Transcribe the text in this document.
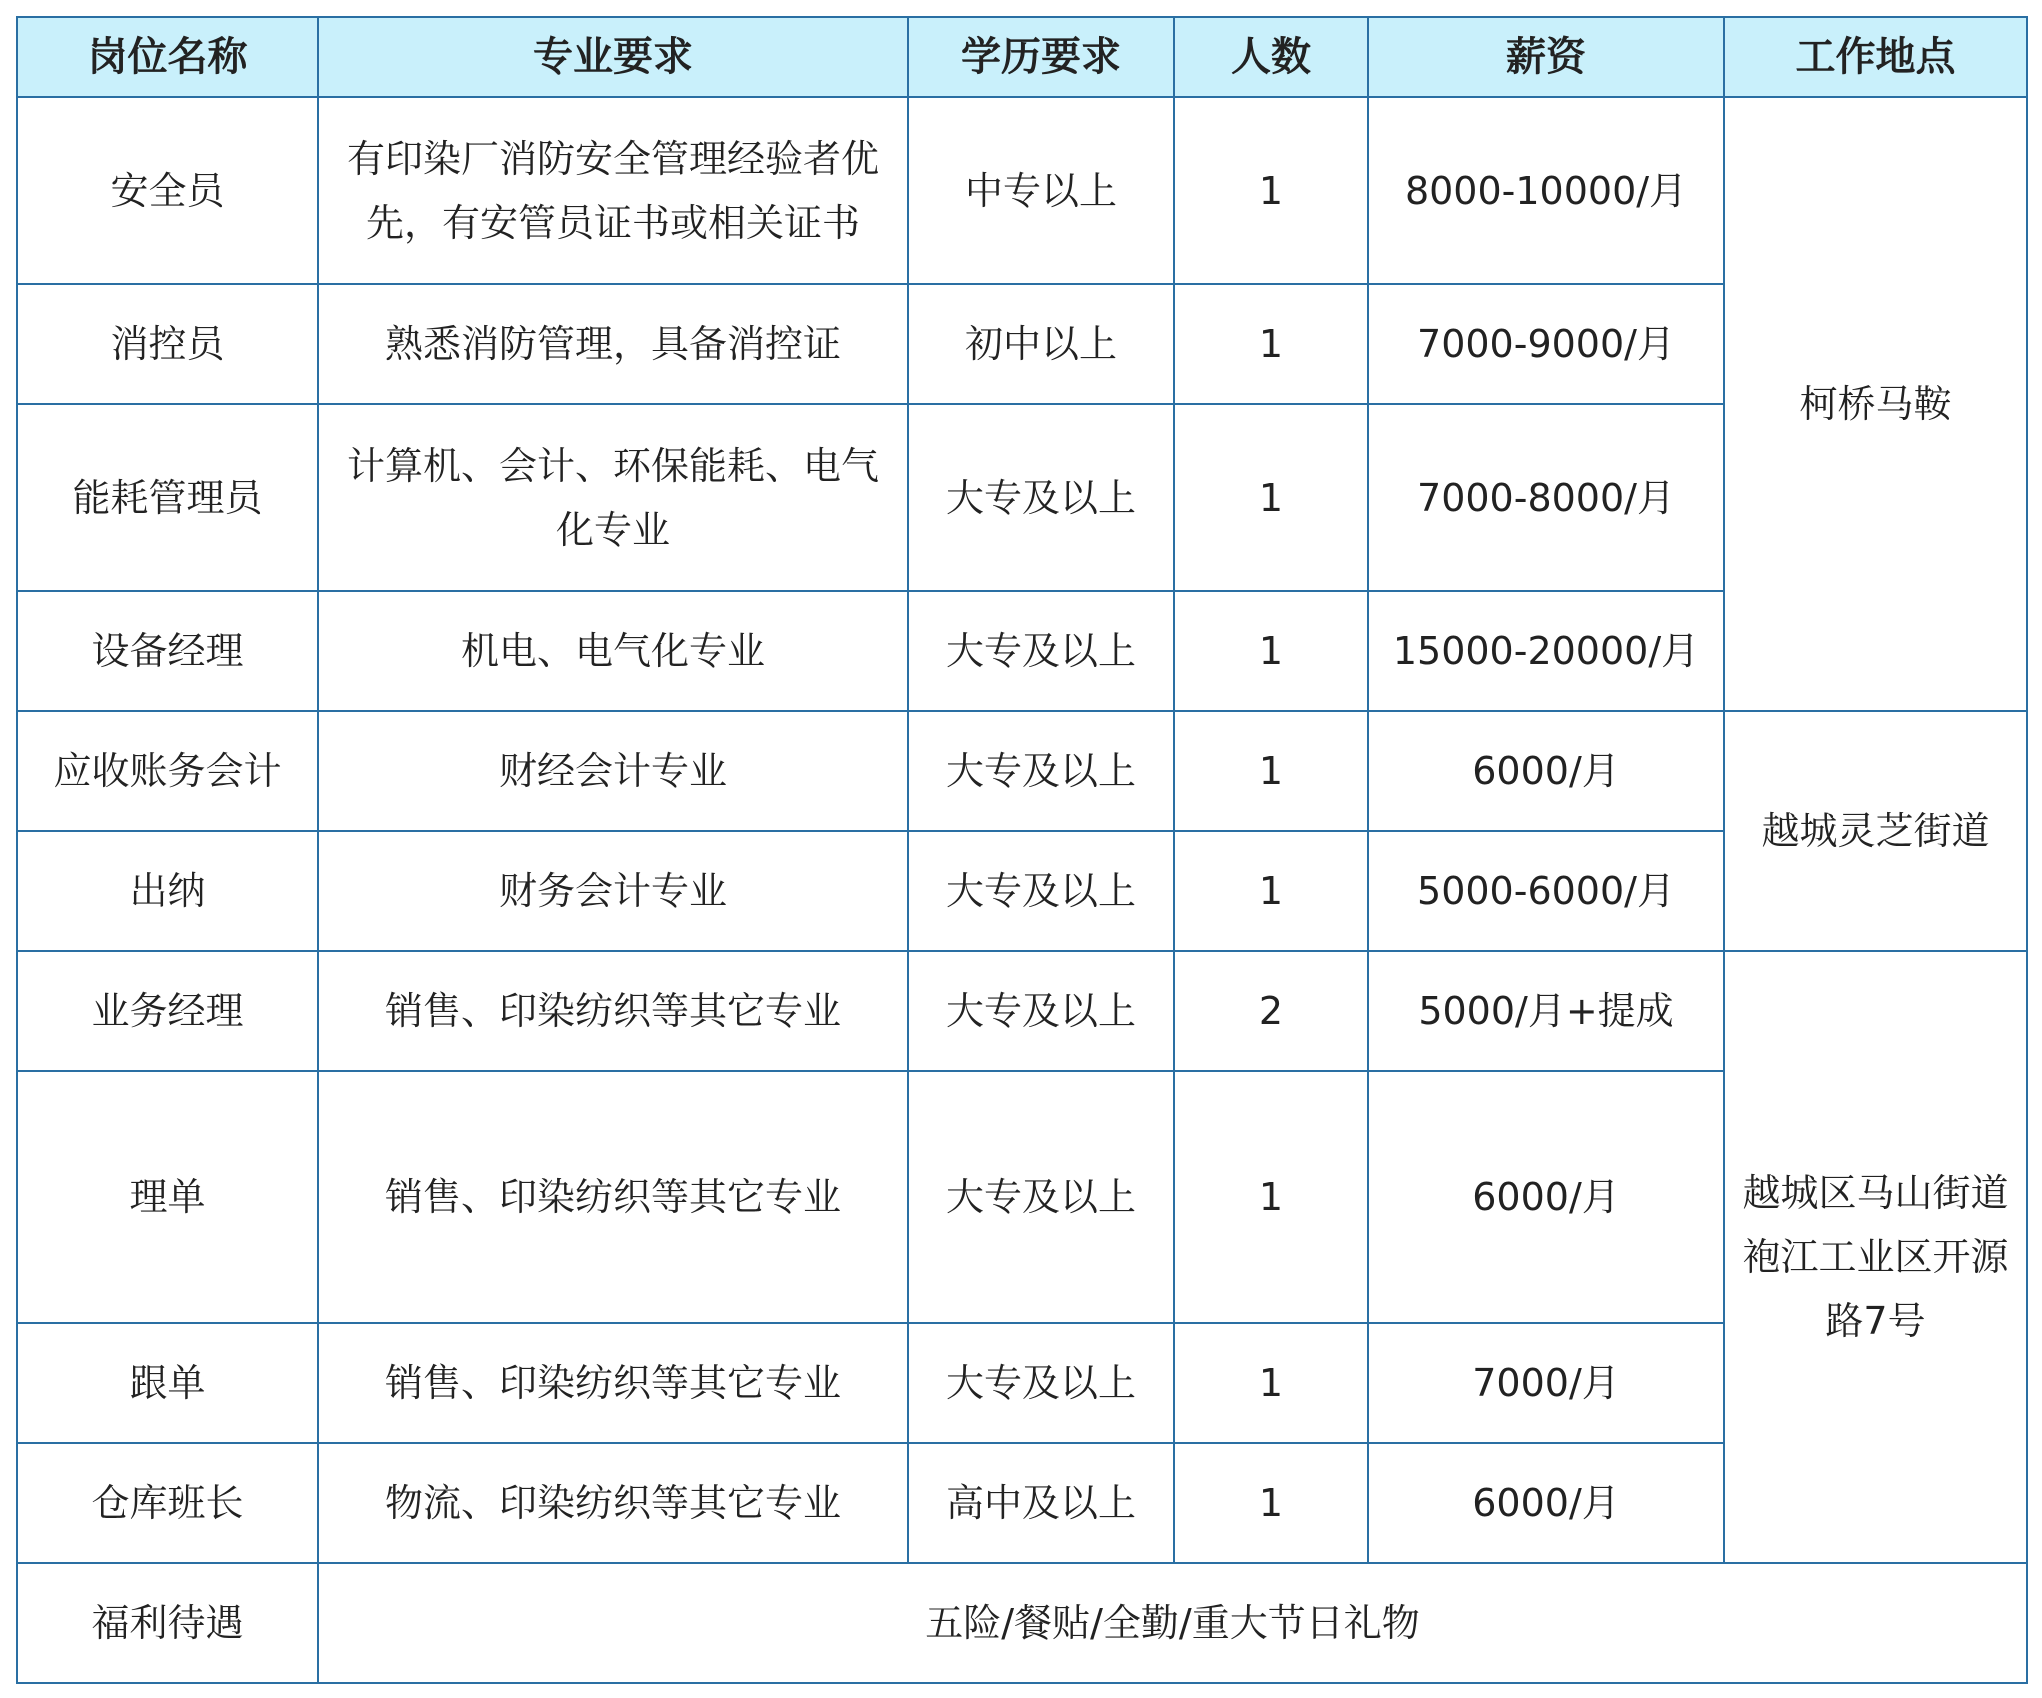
岗位名称	专业要求	学历要求	人数	薪资	工作地点
安全员	有印染厂消防安全管理经验者优先，有安管员证书或相关证书	中专以上	1	8000-10000/月	柯桥马鞍
消控员	熟悉消防管理，具备消控证	初中以上	1	7000-9000/月	
能耗管理员	计算机、会计、环保能耗、电气化专业	大专及以上	1	7000-8000/月	
设备经理	机电、电气化专业	大专及以上	1	15000-20000/月	
应收账务会计	财经会计专业	大专及以上	1	6000/月	越城灵芝街道
出纳	财务会计专业	大专及以上	1	5000-6000/月	
业务经理	销售、印染纺织等其它专业	大专及以上	2	5000/月+提成	越城区马山街道袍江工业区开源路7号
理单	销售、印染纺织等其它专业	大专及以上	1	6000/月	
跟单	销售、印染纺织等其它专业	大专及以上	1	7000/月	
仓库班长	物流、印染纺织等其它专业	高中及以上	1	6000/月	
福利待遇	五险/餐贴/全勤/重大节日礼物				
